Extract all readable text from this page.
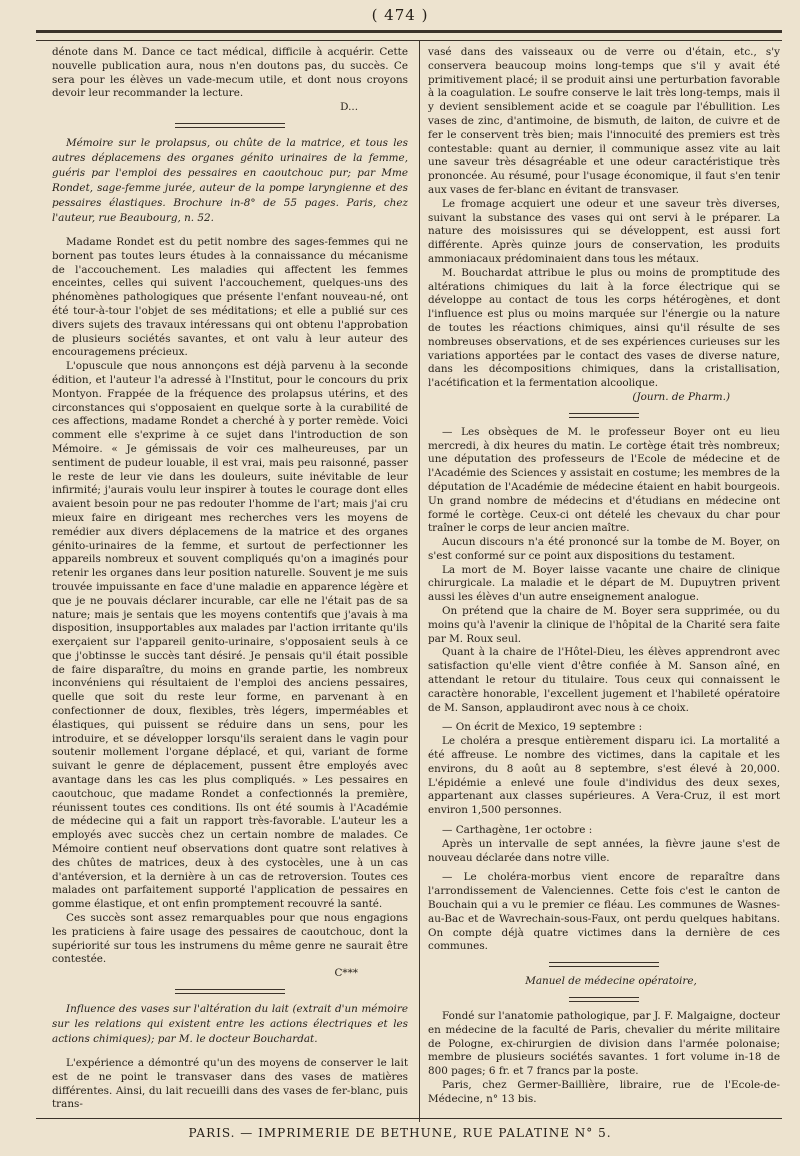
( 474 )

dénote dans M. Dance ce tact médical, difficile à acquérir. Cette nouvelle publication aura, nous n'en doutons pas, du succès. Ce sera pour les élèves un vade-mecum utile, et dont nous croyons devoir leur recommander la lecture.

D...

Mémoire sur le prolapsus, ou chûte de la matrice, et tous les autres déplacemens des organes génito urinaires de la femme, guéris par l'emploi des pessaires en caoutchouc pur; par Mme Rondet, sage-femme jurée, auteur de la pompe laryngienne et des pessaires élastiques. Brochure in-8° de 55 pages. Paris, chez l'auteur, rue Beaubourg, n. 52.

Madame Rondet est du petit nombre des sages-femmes qui ne bornent pas toutes leurs études à la connaissance du mécanisme de l'accouchement. Les maladies qui affectent les femmes enceintes, celles qui suivent l'accouchement, quelques-uns des phénomènes pathologiques que présente l'enfant nouveau-né, ont été tour-à-tour l'objet de ses méditations; et elle a publié sur ces divers sujets des travaux intéressans qui ont obtenu l'approbation de plusieurs sociétés savantes, et ont valu à leur auteur des encouragemens précieux.

L'opuscule que nous annonçons est déjà parvenu à la seconde édition, et l'auteur l'a adressé à l'Institut, pour le concours du prix Montyon. Frappée de la fréquence des prolapsus utérins, et des circonstances qui s'opposaient en quelque sorte à la curabilité de ces affections, madame Rondet a cherché à y porter remède. Voici comment elle s'exprime à ce sujet dans l'introduction de son Mémoire. « Je gémissais de voir ces malheureuses, par un sentiment de pudeur louable, il est vrai, mais peu raisonné, passer le reste de leur vie dans les douleurs, suite inévitable de leur infirmité; j'aurais voulu leur inspirer à toutes le courage dont elles avaient besoin pour ne pas redouter l'homme de l'art; mais j'ai cru mieux faire en dirigeant mes recherches vers les moyens de remédier aux divers déplacemens de la matrice et des organes génito-urinaires de la femme, et surtout de perfectionner les appareils nombreux et souvent compliqués qu'on a imaginés pour retenir les organes dans leur position naturelle. Souvent je me suis trouvée impuissante en face d'une maladie en apparence légère et que je ne pouvais déclarer incurable, car elle ne l'était pas de sa nature; mais je sentais que les moyens contentifs que j'avais à ma disposition, insupportables aux malades par l'action irritante qu'ils exerçaient sur l'appareil genito-urinaire, s'opposaient seuls à ce que j'obtinsse le succès tant désiré. Je pensais qu'il était possible de faire disparaître, du moins en grande partie, les nombreux inconvéniens qui résultaient de l'emploi des anciens pessaires, quelle que soit du reste leur forme, en parvenant à en confectionner de doux, flexibles, très légers, imperméables et élastiques, qui puissent se réduire dans un sens, pour les introduire, et se développer lorsqu'ils seraient dans le vagin pour soutenir mollement l'organe déplacé, et qui, variant de forme suivant le genre de déplacement, pussent être employés avec avantage dans les cas les plus compliqués. » Les pessaires en caoutchouc, que madame Rondet a confectionnés la première, réunissent toutes ces conditions. Ils ont été soumis à l'Académie de médecine qui a fait un rapport très-favorable. L'auteur les a employés avec succès chez un certain nombre de malades. Ce Mémoire contient neuf observations dont quatre sont relatives à des chûtes de matrices, deux à des cystocèles, une à un cas d'antéversion, et la dernière à un cas de retroversion. Toutes ces malades ont parfaitement supporté l'application de pessaires en gomme élastique, et ont enfin promptement recouvré la santé.

Ces succès sont assez remarquables pour que nous engagions les praticiens à faire usage des pessaires de caoutchouc, dont la supériorité sur tous les instrumens du même genre ne saurait être contestée.

C***

Influence des vases sur l'altération du lait (extrait d'un mémoire sur les relations qui existent entre les actions électriques et les actions chimiques); par M. le docteur Bouchardat.

L'expérience a démontré qu'un des moyens de conserver le lait est de ne point le transvaser dans des vases de matières différentes. Ainsi, du lait recueilli dans des vases de fer-blanc, puis trans-

vasé dans des vaisseaux ou de verre ou d'étain, etc., s'y conservera beaucoup moins long-temps que s'il y avait été primitivement placé; il se produit ainsi une perturbation favorable à la coagulation. Le soufre conserve le lait très long-temps, mais il y devient sensiblement acide et se coagule par l'ébullition. Les vases de zinc, d'antimoine, de bismuth, de laiton, de cuivre et de fer le conservent très bien; mais l'innocuité des premiers est très contestable: quant au dernier, il communique assez vite au lait une saveur très désagréable et une odeur caractéristique très prononcée. Au résumé, pour l'usage économique, il faut s'en tenir aux vases de fer-blanc en évitant de transvaser.

Le fromage acquiert une odeur et une saveur très diverses, suivant la substance des vases qui ont servi à le préparer. La nature des moisissures qui se développent, est aussi fort différente. Après quinze jours de conservation, les produits ammoniacaux prédominaient dans tous les métaux.

M. Bouchardat attribue le plus ou moins de promptitude des altérations chimiques du lait à la force électrique qui se développe au contact de tous les corps hétérogènes, et dont l'influence est plus ou moins marquée sur l'énergie ou la nature de toutes les réactions chimiques, ainsi qu'il résulte de ses nombreuses observations, et de ses expériences curieuses sur les variations apportées par le contact des vases de diverse nature, dans les décompositions chimiques, dans la cristallisation, l'acétification et la fermentation alcoolique.

(Journ. de Pharm.)

— Les obsèques de M. le professeur Boyer ont eu lieu mercredi, à dix heures du matin. Le cortège était très nombreux; une députation des professeurs de l'Ecole de médecine et de l'Académie des Sciences y assistait en costume; les membres de la députation de l'Académie de médecine étaient en habit bourgeois. Un grand nombre de médecins et d'étudians en médecine ont formé le cortège. Ceux-ci ont dételé les chevaux du char pour traîner le corps de leur ancien maître.

Aucun discours n'a été prononcé sur la tombe de M. Boyer, on s'est conformé sur ce point aux dispositions du testament.

La mort de M. Boyer laisse vacante une chaire de clinique chirurgicale. La maladie et le départ de M. Dupuytren privent aussi les élèves d'un autre enseignement analogue.

On prétend que la chaire de M. Boyer sera supprimée, ou du moins qu'à l'avenir la clinique de l'hôpital de la Charité sera faite par M. Roux seul.

Quant à la chaire de l'Hôtel-Dieu, les élèves apprendront avec satisfaction qu'elle vient d'être confiée à M. Sanson aîné, en attendant le retour du titulaire. Tous ceux qui connaissent le caractère honorable, l'excellent jugement et l'habileté opératoire de M. Sanson, applaudiront avec nous à ce choix.

— On écrit de Mexico, 19 septembre :

Le choléra a presque entièrement disparu ici. La mortalité a été affreuse. Le nombre des victimes, dans la capitale et les environs, du 8 août au 8 septembre, s'est élevé à 20,000. L'épidémie a enlevé une foule d'individus des deux sexes, appartenant aux classes supérieures. A Vera-Cruz, il est mort environ 1,500 personnes.

— Carthagène, 1er octobre :

Après un intervalle de sept années, la fièvre jaune s'est de nouveau déclarée dans notre ville.

— Le choléra-morbus vient encore de reparaître dans l'arrondissement de Valenciennes. Cette fois c'est le canton de Bouchain qui a vu le premier ce fléau. Les communes de Wasnes-au-Bac et de Wavrechain-sous-Faux, ont perdu quelques habitans. On compte déjà quatre victimes dans la dernière de ces communes.

Manuel de médecine opératoire,

Fondé sur l'anatomie pathologique, par J. F. Malgaigne, docteur en médecine de la faculté de Paris, chevalier du mérite militaire de Pologne, ex-chirurgien de division dans l'armée polonaise; membre de plusieurs sociétés savantes. 1 fort volume in-18 de 800 pages; 6 fr. et 7 francs par la poste.

Paris, chez Germer-Baillière, libraire, rue de l'Ecole-de-Médecine, n° 13 bis.

PARIS. — IMPRIMERIE DE BETHUNE, RUE PALATINE N° 5.
